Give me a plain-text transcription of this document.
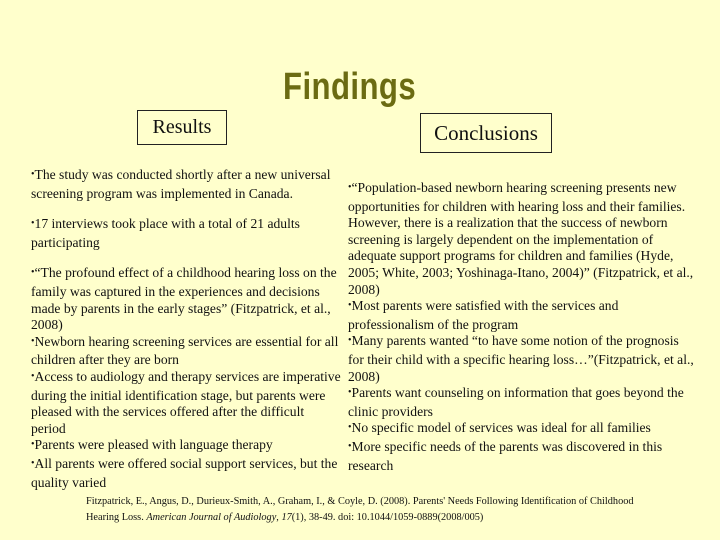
Findings
Results	Conclusions

• The study was conducted shortly after a new universal screening program was implemented in Canada.

• 17 interviews took place with a total of 21 adults participating

• “The profound effect of a childhood hearing loss on the family was captured in the experiences and decisions made by parents in the early stages” (Fitzpatrick, et al., 2008)

• Newborn hearing screening services are essential for all children after they are born

• Access to audiology and therapy services are imperative during the initial identification stage, but parents were pleased with the services offered after the difficult period

• Parents were pleased with language therapy

• All parents were offered social support services, but the quality varied

• “Population-based newborn hearing screening presents new opportunities for children with hearing loss and their families. However, there is a realization that the success of newborn screening is largely dependent on the implementation of adequate support programs for children and families (Hyde, 2005; White, 2003; Yoshinaga-Itano, 2004)” (Fitzpatrick, et al., 2008)

• Most parents were satisfied with the services and professionalism of the program

• Many parents wanted “to have some notion of the prognosis for their child with a specific hearing loss…”(Fitzpatrick, et al., 2008)

• Parents want counseling on information that goes beyond the clinic providers

• No specific model of services was ideal for all families

• More specific needs of the parents was discovered in this research

Fitzpatrick, E., Angus, D., Durieux-Smith, A., Graham, I., & Coyle, D. (2008). Parents' Needs Following Identification of Childhood Hearing Loss. American Journal of Audiology, 17(1), 38-49. doi: 10.1044/1059-0889(2008/005)
